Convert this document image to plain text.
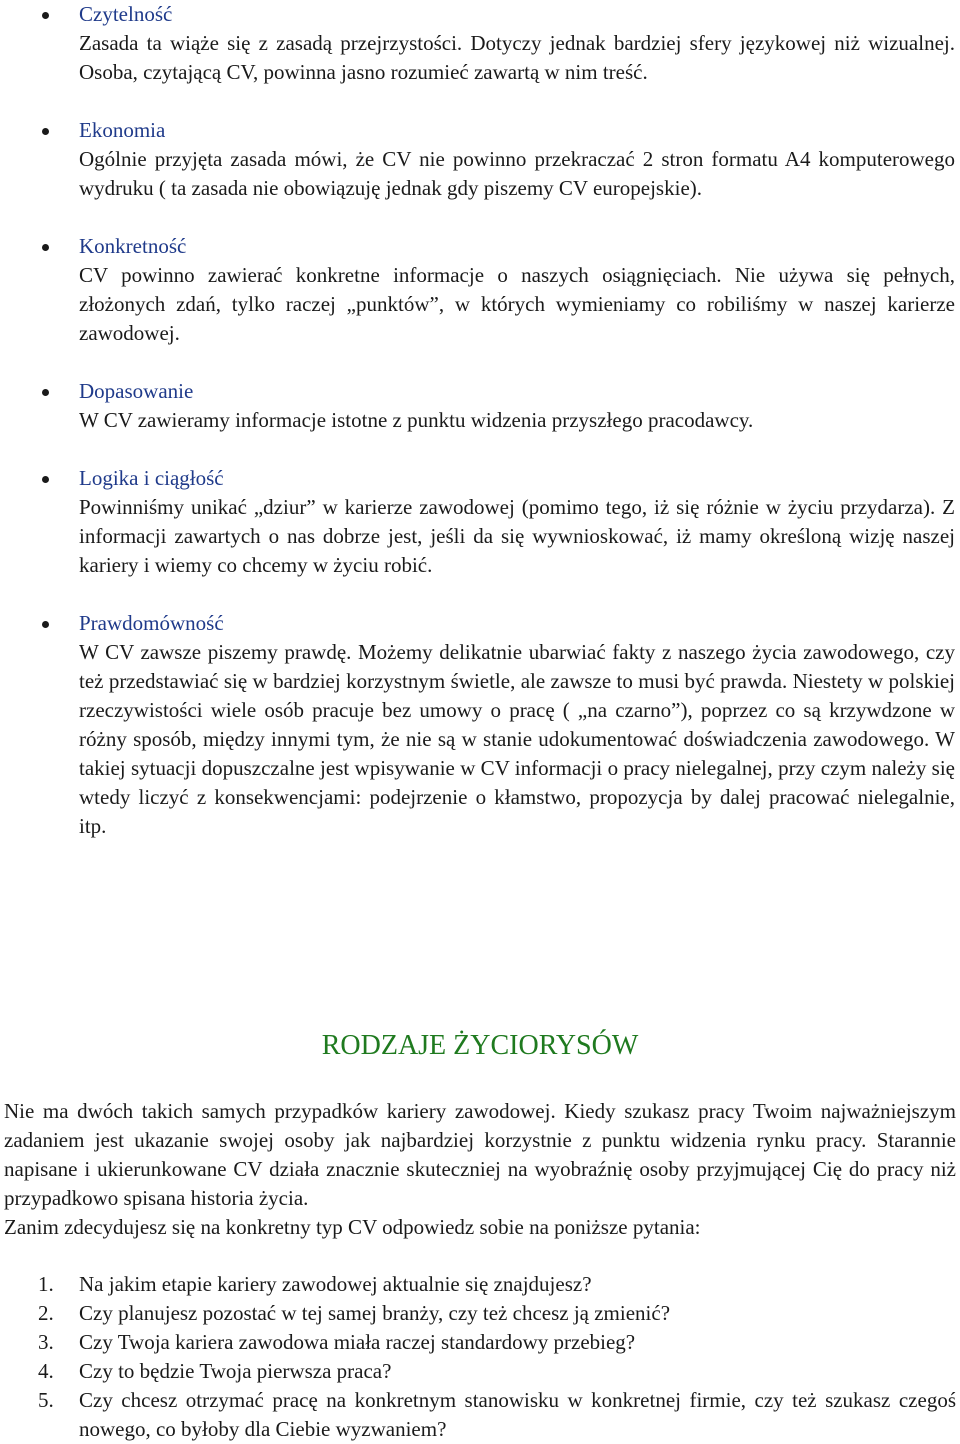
Czytelność
Zasada ta wiąże się z zasadą przejrzystości. Dotyczy jednak bardziej sfery językowej niż wizualnej. Osoba, czytającą CV, powinna jasno rozumieć zawartą w nim treść.
Ekonomia
Ogólnie przyjęta zasada mówi, że CV nie powinno przekraczać 2 stron formatu A4 komputerowego wydruku ( ta zasada nie obowiązuję jednak gdy piszemy CV europejskie).
Konkretność
CV powinno zawierać konkretne informacje o naszych osiągnięciach. Nie używa się pełnych, złożonych zdań, tylko raczej „punktów”, w których wymieniamy co robiliśmy w naszej karierze zawodowej.
Dopasowanie
W CV zawieramy informacje istotne z punktu widzenia przyszłego pracodawcy.
Logika i ciągłość
Powinniśmy unikać „dziur” w karierze zawodowej (pomimo tego, iż się różnie w życiu przydarza). Z informacji zawartych o nas dobrze jest, jeśli da się wywnioskować, iż mamy określoną wizję naszej kariery i wiemy co chcemy w życiu robić.
Prawdomówność
W CV zawsze piszemy prawdę. Możemy delikatnie ubarwiać fakty z naszego życia zawodowego, czy też przedstawiać się w bardziej korzystnym świetle, ale zawsze to musi być prawda. Niestety w polskiej rzeczywistości wiele osób pracuje bez umowy o pracę ( „na czarno”), poprzez co są krzywdzone w różny sposób, między innymi tym, że nie są w stanie udokumentować doświadczenia zawodowego. W takiej sytuacji dopuszczalne jest wpisywanie w CV informacji o pracy nielegalnej, przy czym należy się wtedy liczyć z konsekwencjami: podejrzenie o kłamstwo, propozycja by dalej pracować nielegalnie, itp.
RODZAJE ŻYCIORYSÓW

Nie ma dwóch takich samych przypadków kariery zawodowej. Kiedy szukasz pracy Twoim najważniejszym zadaniem jest ukazanie swojej osoby jak najbardziej korzystnie z punktu widzenia rynku pracy. Starannie napisane i ukierunkowane CV działa znacznie skuteczniej na wyobraźnię osoby przyjmującej Cię do pracy niż przypadkowo spisana historia życia.

Zanim zdecydujesz się na konkretny typ CV odpowiedz sobie na poniższe pytania:

1. Na jakim etapie kariery zawodowej aktualnie się znajdujesz?
2. Czy planujesz pozostać w tej samej branży, czy też chcesz ją zmienić?
3. Czy Twoja kariera zawodowa miała raczej standardowy przebieg?
4. Czy to będzie Twoja pierwsza praca?
5. Czy chcesz otrzymać pracę na konkretnym stanowisku w konkretnej firmie, czy też szukasz czegoś nowego, co byłoby dla Ciebie wyzwaniem?
